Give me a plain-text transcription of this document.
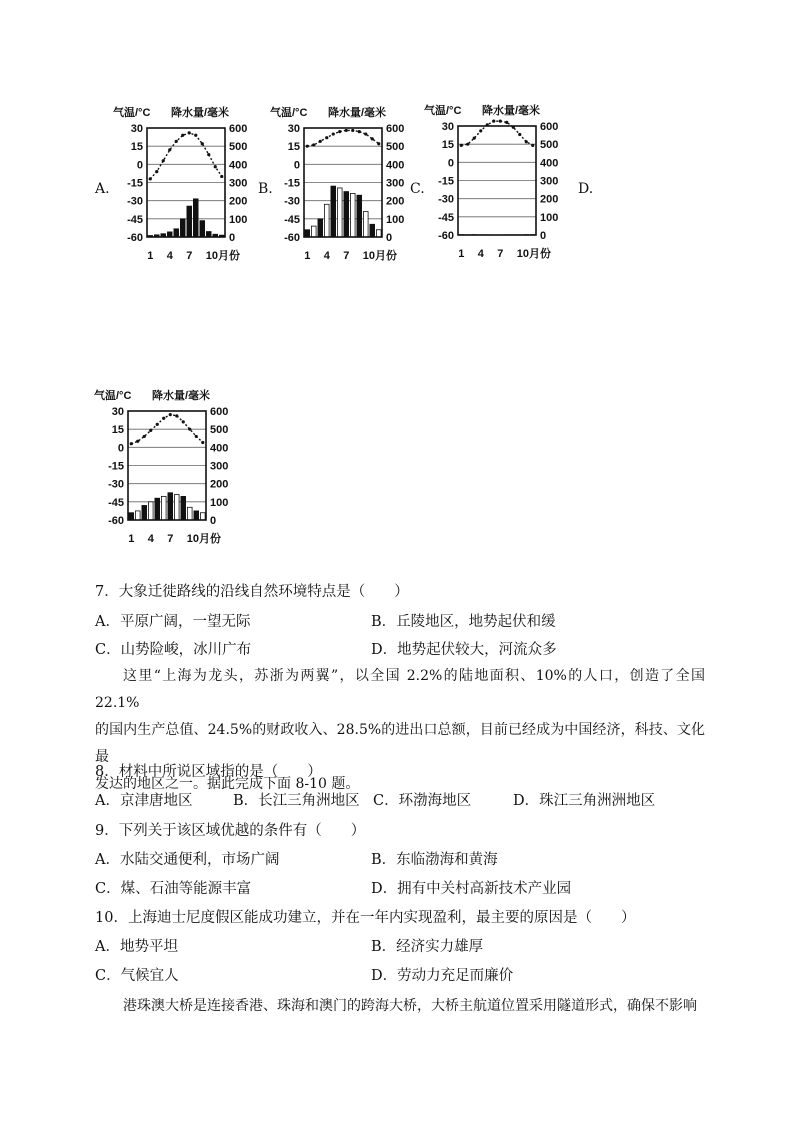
A.	B.	C.	D.
气温/°C 降水量/毫米
30
15
0
-15
-30
-45
-60
600
500
400
300
200
100
0
1 4 7 10月份
气温/°C 降水量/毫米
30
15
0
-15
-30
-45
-60
600
500
400
300
200
100
0
1 4 7 10月份
气温/°C 降水量/毫米
30
15
0
-15
-30
-45
-60
600
500
400
300
200
100
0
1 4 7 10月份
气温/°C 降水量/毫米
30
15
0
-15
-30
-45
-60
600
500
400
300
200
100
0
1 4 7 10月份
7．大象迁徙路线的沿线自然环境特点是（　　）
A．平原广阔，一望无际	B．丘陵地区，地势起伏和缓
C．山势险峻，冰川广布	D．地势起伏较大，河流众多

这里“上海为龙头，苏浙为两翼”，以全国 2.2%的陆地面积、10%的人口，创造了全国 22.1%

的国内生产总值、24.5%的财政收入、28.5%的进出口总额，目前已经成为中国经济，科技、文化最

发达的地区之一。据此完成下面 8-10 题。

8．材料中所说区域指的是（　　）
A．京津唐地区	B．长江三角洲地区 C．环渤海地区	D．珠江三角洲洲地区
9．下列关于该区域优越的条件有（　　）
A．水陆交通便利，市场广阔	B．东临渤海和黄海
C．煤、石油等能源丰富	D．拥有中关村高新技术产业园
10．上海迪士尼度假区能成功建立，并在一年内实现盈利，最主要的原因是（　　）
A．地势平坦	B．经济实力雄厚
C．气候宜人	D．劳动力充足而廉价

港珠澳大桥是连接香港、珠海和澳门的跨海大桥，大桥主航道位置采用隧道形式，确保不影响
